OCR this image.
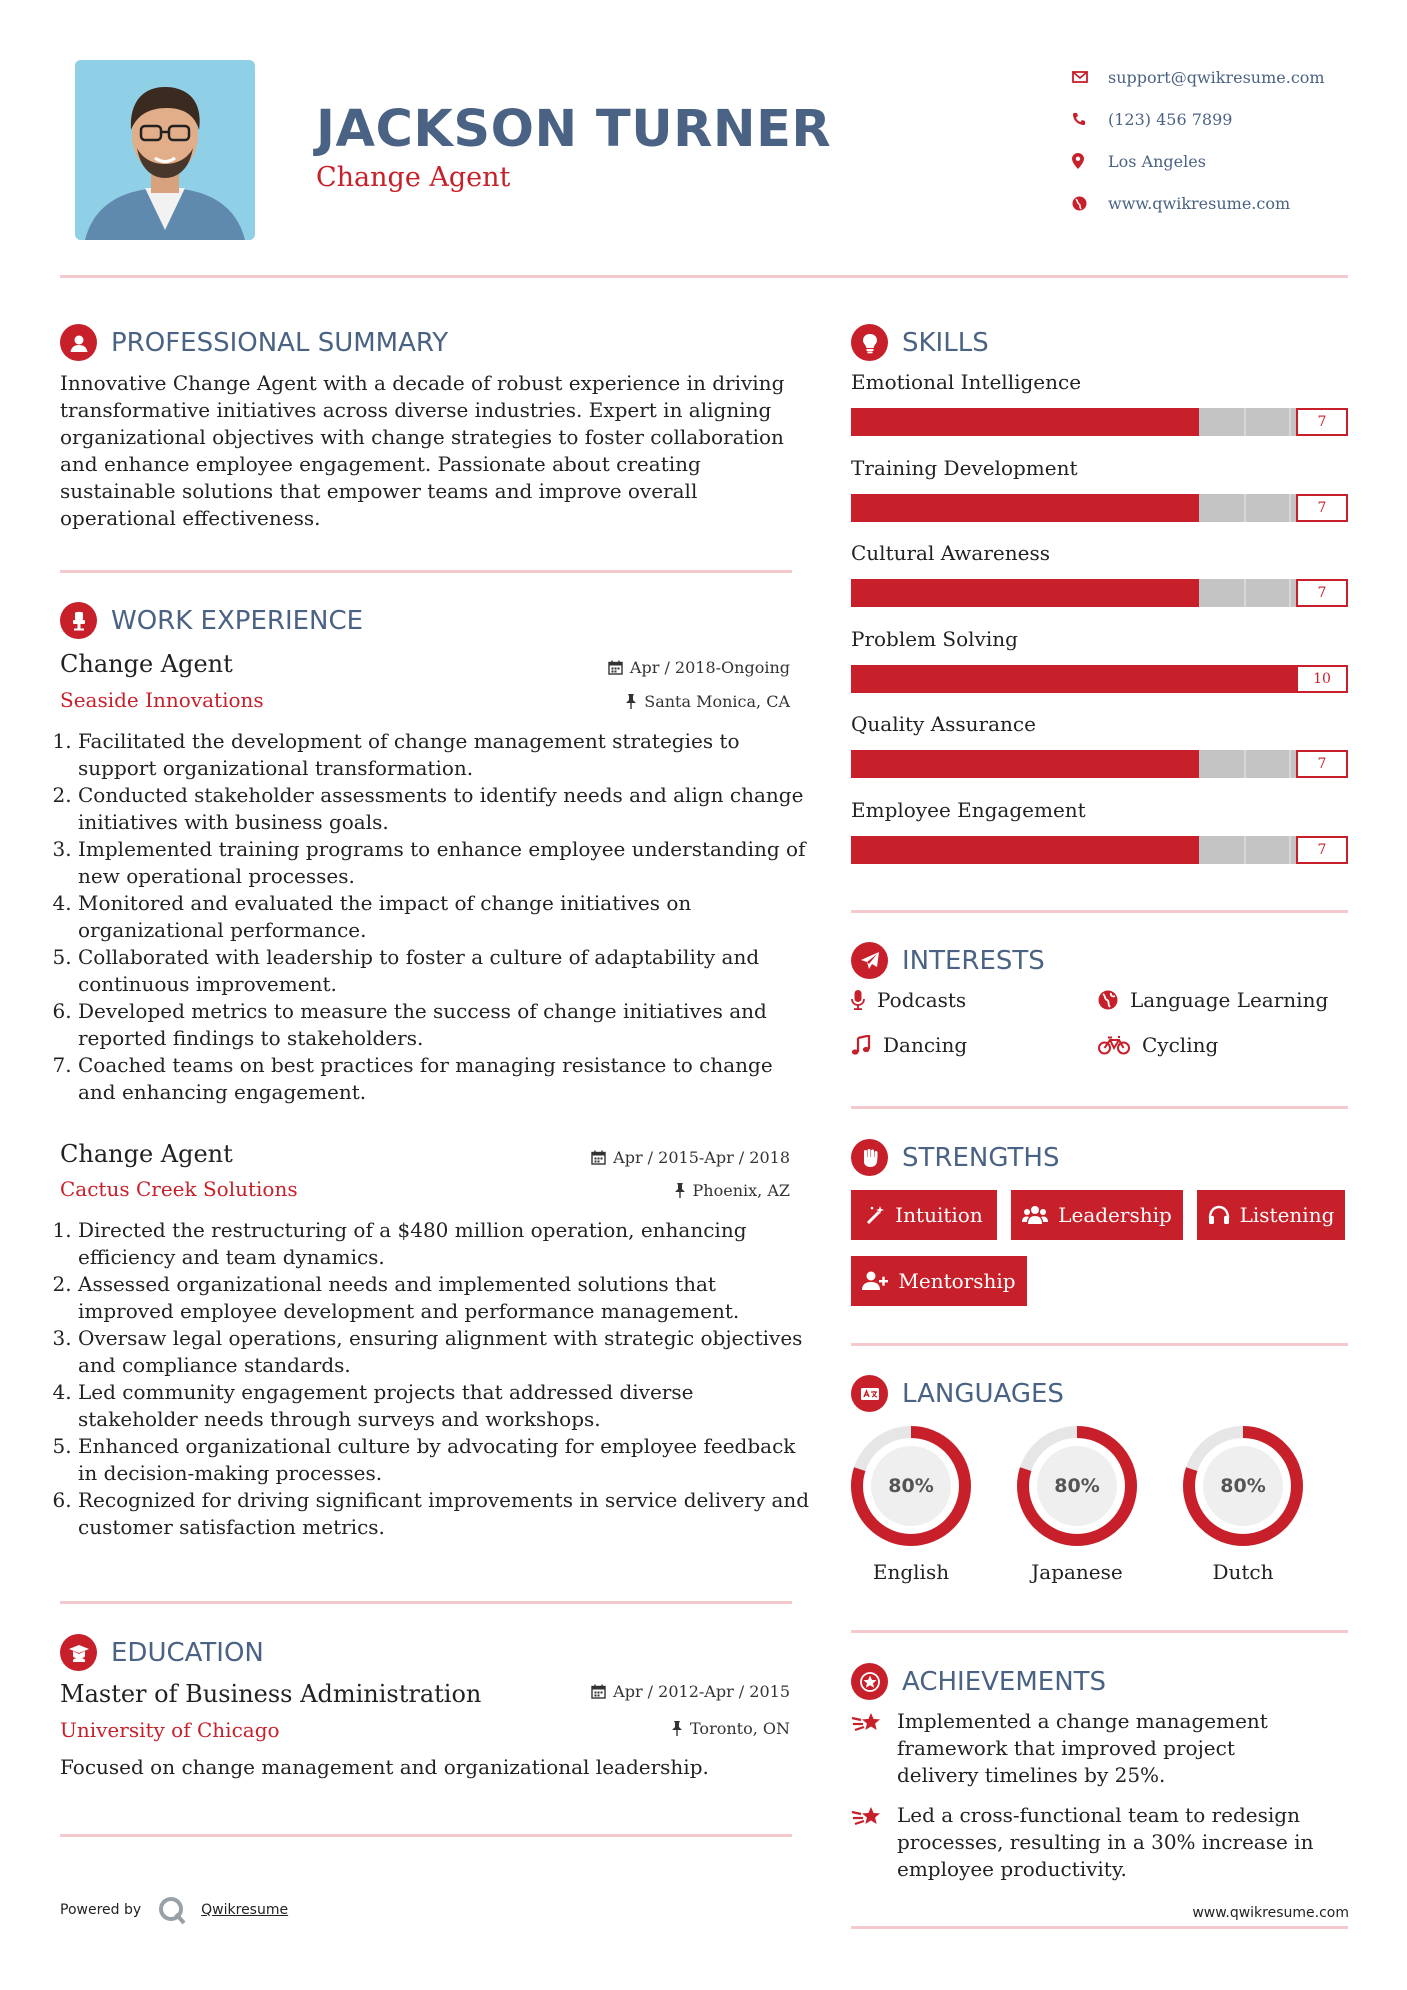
JACKSON TURNER
Change Agent
support@qwikresume.com
(123) 456 7899
Los Angeles
www.qwikresume.com
PROFESSIONAL SUMMARY
Innovative Change Agent with a decade of robust experience in driving transformative initiatives across diverse industries. Expert in aligning organizational objectives with change strategies to foster collaboration and enhance employee engagement. Passionate about creating sustainable solutions that empower teams and improve overall operational effectiveness.
WORK EXPERIENCE
Change Agent	Apr / 2018-Ongoing
Seaside Innovations	Santa Monica, CA
1. Facilitated the development of change management strategies to support organizational transformation.
2. Conducted stakeholder assessments to identify needs and align change initiatives with business goals.
3. Implemented training programs to enhance employee understanding of new operational processes.
4. Monitored and evaluated the impact of change initiatives on organizational performance.
5. Collaborated with leadership to foster a culture of adaptability and continuous improvement.
6. Developed metrics to measure the success of change initiatives and reported findings to stakeholders.
7. Coached teams on best practices for managing resistance to change and enhancing engagement.
Change Agent	Apr / 2015-Apr / 2018
Cactus Creek Solutions	Phoenix, AZ
1. Directed the restructuring of a $480 million operation, enhancing efficiency and team dynamics.
2. Assessed organizational needs and implemented solutions that improved employee development and performance management.
3. Oversaw legal operations, ensuring alignment with strategic objectives and compliance standards.
4. Led community engagement projects that addressed diverse stakeholder needs through surveys and workshops.
5. Enhanced organizational culture by advocating for employee feedback in decision-making processes.
6. Recognized for driving significant improvements in service delivery and customer satisfaction metrics.
EDUCATION
Master of Business Administration	Apr / 2012-Apr / 2015
University of Chicago	Toronto, ON
Focused on change management and organizational leadership.
SKILLS
Emotional Intelligence
7
Training Development
7
Cultural Awareness
7
Problem Solving
10
Quality Assurance
7
Employee Engagement
7
INTERESTS
Podcasts	Language Learning
Dancing	Cycling
STRENGTHS
Intuition	Leadership	Listening
Mentorship
LANGUAGES
80%
English
80%
Japanese
80%
Dutch
ACHIEVEMENTS
Implemented a change management framework that improved project delivery timelines by 25%.
Led a cross-functional team to redesign processes, resulting in a 30% increase in employee productivity.
Powered by	Qwikresume	www.qwikresume.com
